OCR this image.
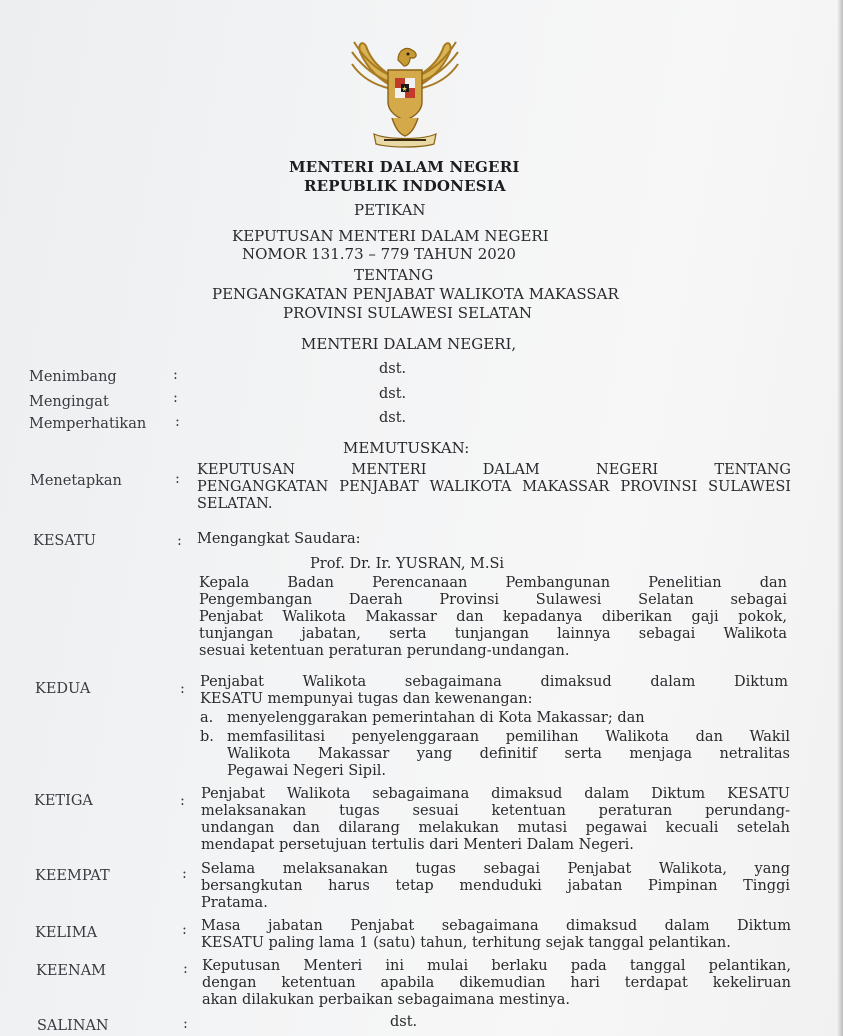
MENTERI DALAM NEGERI
REPUBLIK INDONESIA
PETIKAN
KEPUTUSAN MENTERI DALAM NEGERI
NOMOR 131.73 – 779 TAHUN 2020
TENTANG
PENGANGKATAN PENJABAT WALIKOTA MAKASSAR
PROVINSI SULAWESI SELATAN
MENTERI DALAM NEGERI,
Menimbang	:	dst.
Mengingat	:	dst.
Memperhatikan :	dst.
MEMUTUSKAN:
Menetapkan	:
KEPUTUSAN MENTERI DALAM NEGERI TENTANG
PENGANGKATAN PENJABAT WALIKOTA MAKASSAR PROVINSI SULAWESI
SELATAN.
KESATU	: Mengangkat Saudara:
Prof. Dr. Ir. YUSRAN, M.Si
Kepala Badan Perencanaan Pembangunan Penelitian dan
Pengembangan Daerah Provinsi Sulawesi Selatan sebagai
Penjabat Walikota Makassar dan kepadanya diberikan gaji pokok,
tunjangan jabatan, serta tunjangan lainnya sebagai Walikota
sesuai ketentuan peraturan perundang-undangan.
KEDUA	: Penjabat Walikota sebagaimana dimaksud dalam Diktum
KESATU mempunyai tugas dan kewenangan:
a. menyelenggarakan pemerintahan di Kota Makassar; dan
b. memfasilitasi penyelenggaraan pemilihan Walikota dan Wakil
Walikota Makassar yang definitif serta menjaga netralitas
Pegawai Negeri Sipil.
KETIGA	: Penjabat Walikota sebagaimana dimaksud dalam Diktum KESATU
melaksanakan tugas sesuai ketentuan peraturan perundang-
undangan dan dilarang melakukan mutasi pegawai kecuali setelah
mendapat persetujuan tertulis dari Menteri Dalam Negeri.
KEEMPAT	: Selama melaksanakan tugas sebagai Penjabat Walikota, yang
bersangkutan harus tetap menduduki jabatan Pimpinan Tinggi
Pratama.
KELIMA	: Masa jabatan Penjabat sebagaimana dimaksud dalam Diktum
KESATU paling lama 1 (satu) tahun, terhitung sejak tanggal pelantikan.
KEENAM	: Keputusan Menteri ini mulai berlaku pada tanggal pelantikan,
dengan ketentuan apabila dikemudian hari terdapat kekeliruan
akan dilakukan perbaikan sebagaimana mestinya.
SALINAN	:	dst.
